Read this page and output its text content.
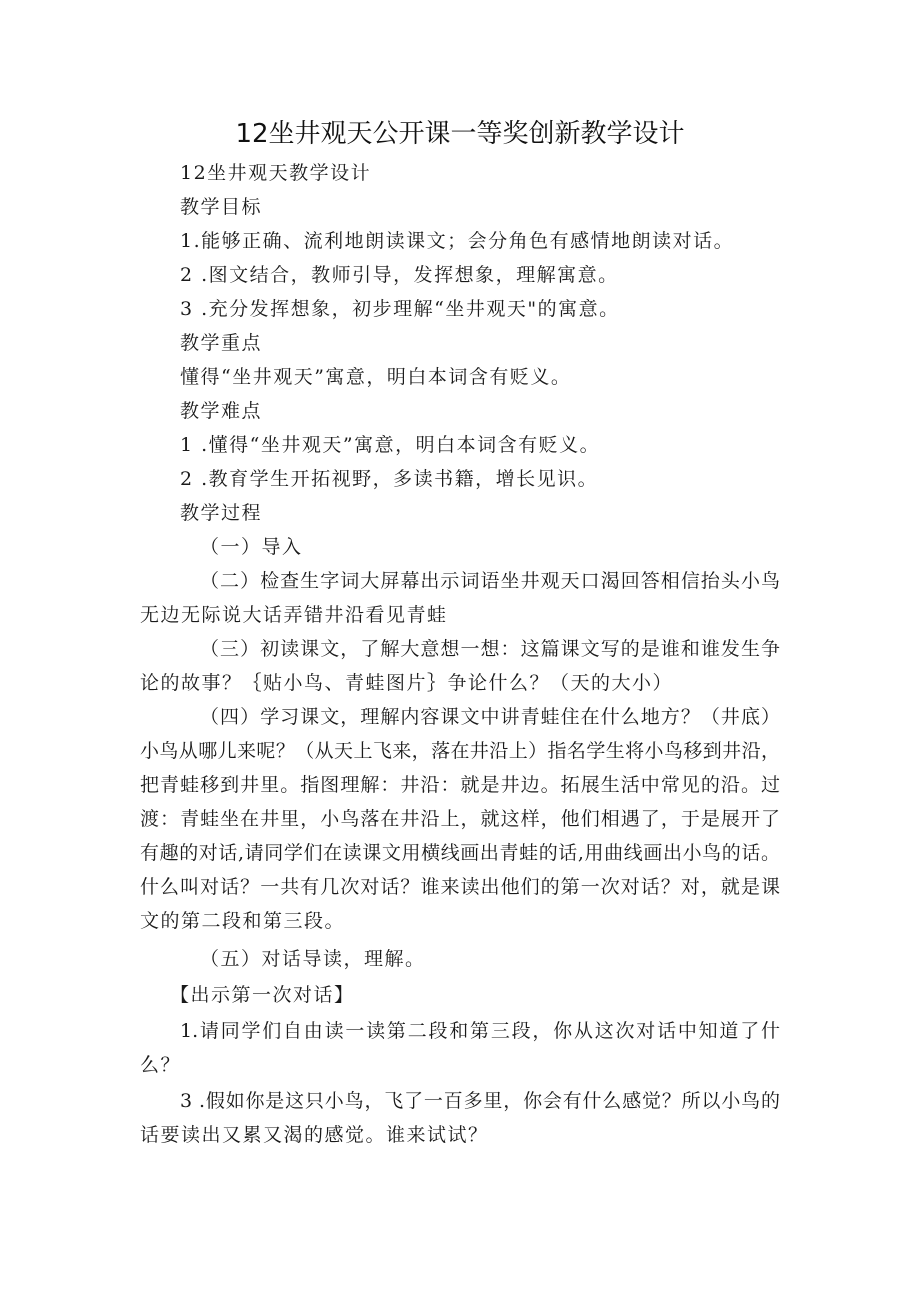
12坐井观天公开课一等奖创新教学设计
12坐井观天教学设计
教学目标
1.能够正确、流利地朗读课文；会分角色有感情地朗读对话。
2 .图文结合，教师引导，发挥想象，理解寓意。
3 .充分发挥想象，初步理解“坐井观天"的寓意。
教学重点
懂得“坐井观天”寓意，明白本词含有贬义。
教学难点
1 .懂得“坐井观天”寓意，明白本词含有贬义。
2 .教育学生开拓视野，多读书籍，增长见识。
教学过程
（一）导入
（二）检查生字词大屏幕出示词语坐井观天口渴回答相信抬头小鸟
无边无际说大话弄错井沿看见青蛙
（三）初读课文，了解大意想一想：这篇课文写的是谁和谁发生争
论的故事？｛贴小鸟、青蛙图片｝争论什么？（天的大小）
（四）学习课文，理解内容课文中讲青蛙住在什么地方？（井底）
小鸟从哪儿来呢？（从天上飞来，落在井沿上）指名学生将小鸟移到井沿，
把青蛙移到井里。指图理解：井沿：就是井边。拓展生活中常见的沿。过
渡：青蛙坐在井里，小鸟落在井沿上，就这样，他们相遇了，于是展开了
有趣的对话,请同学们在读课文用横线画出青蛙的话,用曲线画出小鸟的话。
什么叫对话？一共有几次对话？谁来读出他们的第一次对话？对，就是课
文的第二段和第三段。
（五）对话导读，理解。
【出示第一次对话】
1.请同学们自由读一读第二段和第三段，你从这次对话中知道了什
么？
3 .假如你是这只小鸟，飞了一百多里，你会有什么感觉？所以小鸟的
话要读出又累又渴的感觉。谁来试试？
